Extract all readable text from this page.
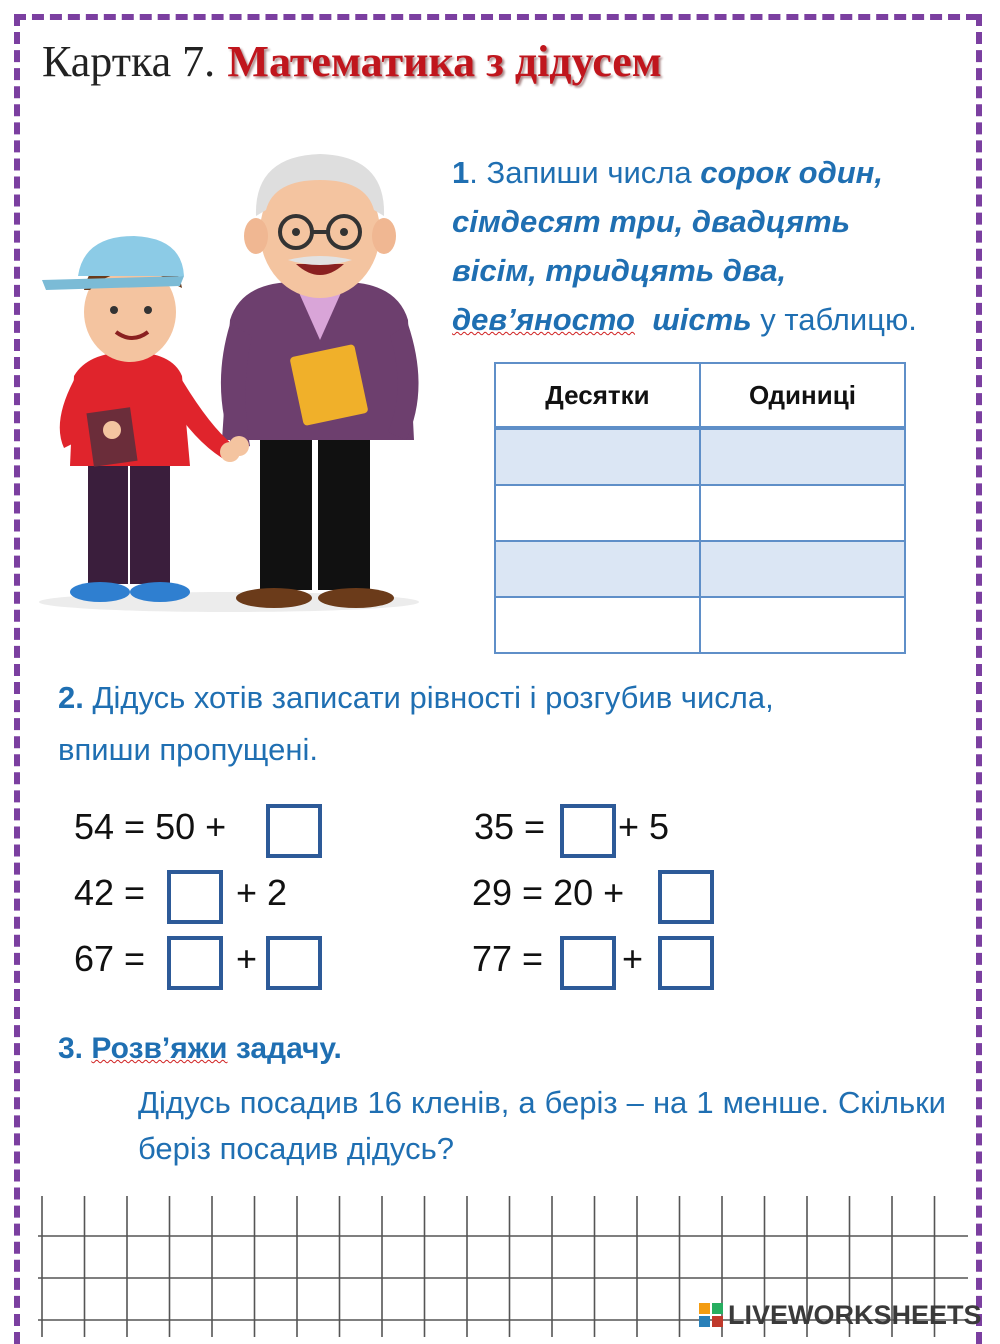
Картка 7. Математика з дідусем
1. Запиши числа сорок один,
сімдесят три, двадцять
вісім, тридцять два,
дев’яносто шість у таблицю.
Десятки	Одиниці

2. Дідусь хотів записати рівності і розгубив числа,
впиши пропущені.
54 = 50 +
42 =	+ 2
67 =	+
35 = + 5
29 = 20 +
77 = +
3. Розв’яжи задачу.
Дідусь посадив 16 кленів, а беріз – на 1 менше. Скільки беріз посадив дідусь?
LIVEWORKSHEETS
